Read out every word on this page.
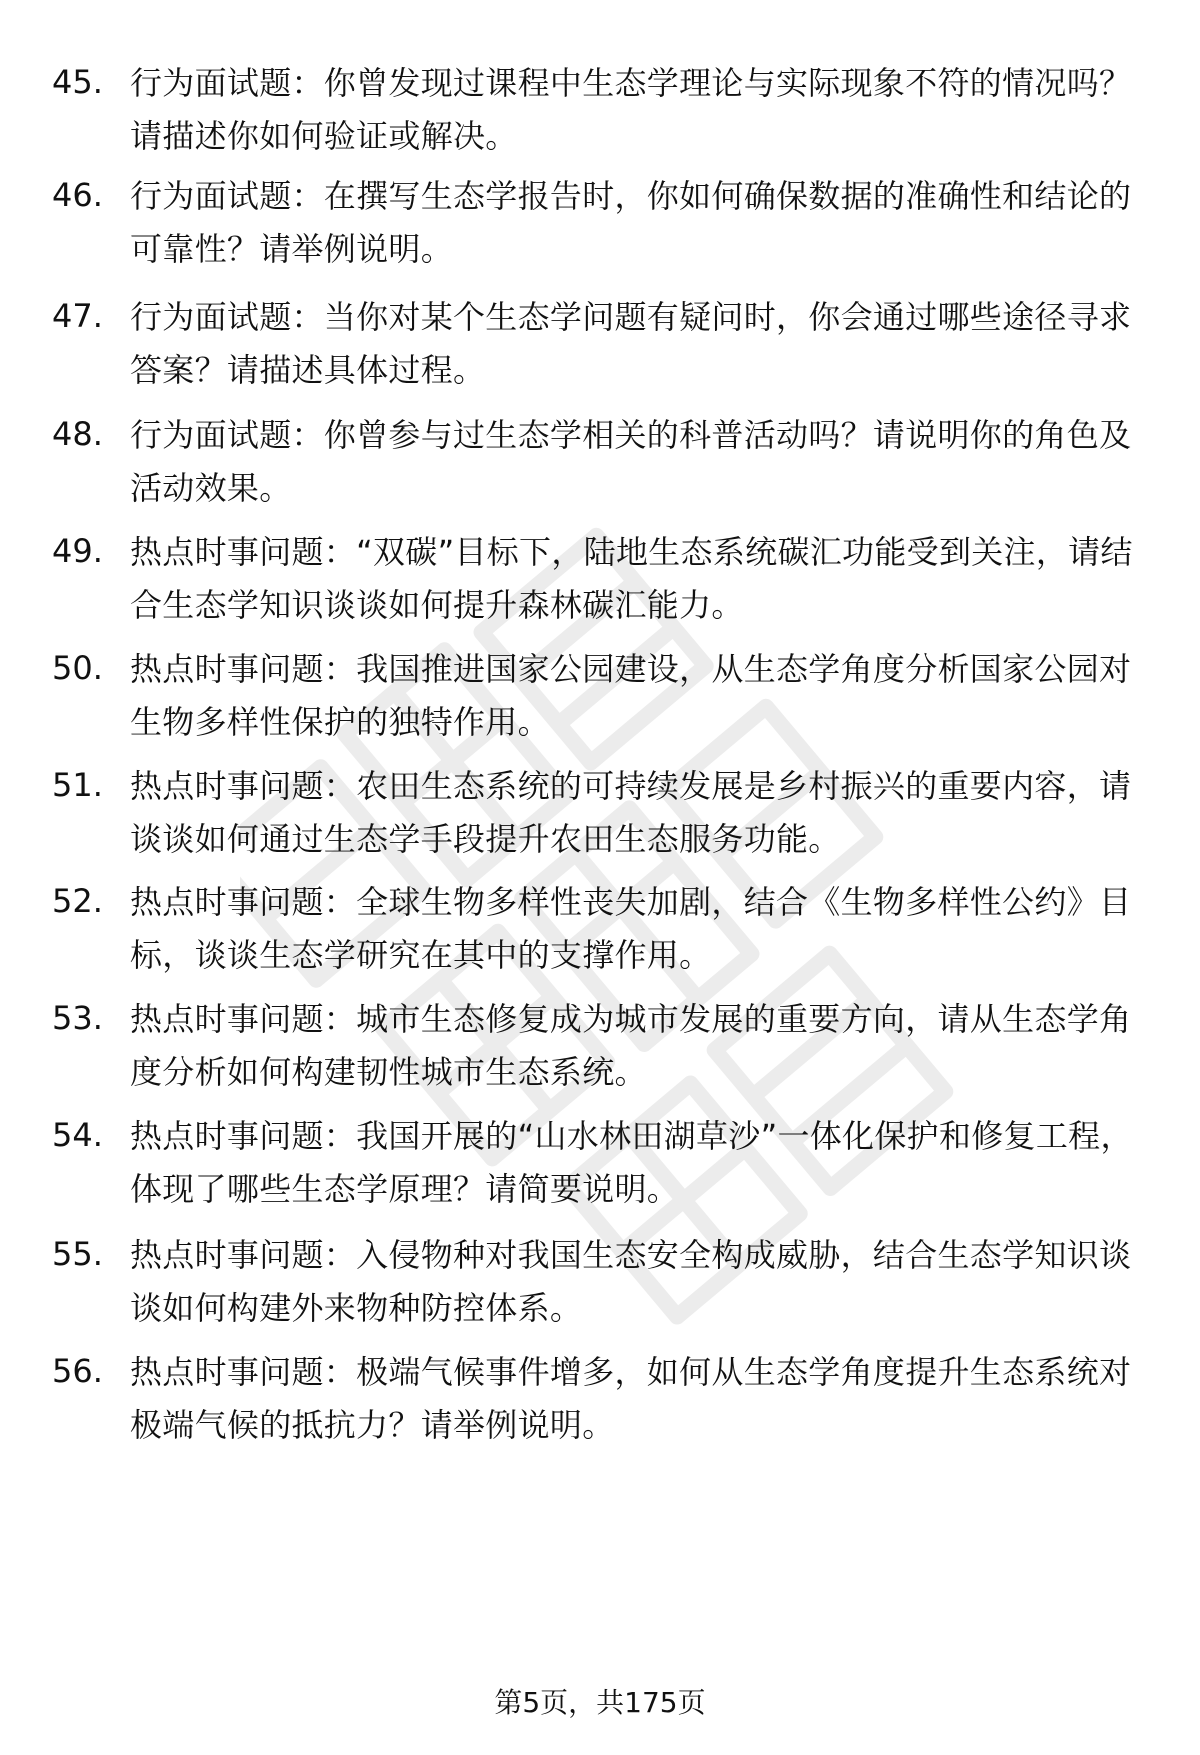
45. 行为面试题：你曾发现过课程中生态学理论与实际现象不符的情况吗？请描述你如何验证或解决。
46. 行为面试题：在撰写生态学报告时，你如何确保数据的准确性和结论的可靠性？请举例说明。
47. 行为面试题：当你对某个生态学问题有疑问时，你会通过哪些途径寻求答案？请描述具体过程。
48. 行为面试题：你曾参与过生态学相关的科普活动吗？请说明你的角色及活动效果。
49. 热点时事问题：“双碳”目标下，陆地生态系统碳汇功能受到关注，请结合生态学知识谈谈如何提升森林碳汇能力。
50. 热点时事问题：我国推进国家公园建设，从生态学角度分析国家公园对生物多样性保护的独特作用。
51. 热点时事问题：农田生态系统的可持续发展是乡村振兴的重要内容，请谈谈如何通过生态学手段提升农田生态服务功能。
52. 热点时事问题：全球生物多样性丧失加剧，结合《生物多样性公约》目标，谈谈生态学研究在其中的支撑作用。
53. 热点时事问题：城市生态修复成为城市发展的重要方向，请从生态学角度分析如何构建韧性城市生态系统。
54. 热点时事问题：我国开展的“山水林田湖草沙”一体化保护和修复工程，体现了哪些生态学原理？请简要说明。
55. 热点时事问题：入侵物种对我国生态安全构成威胁，结合生态学知识谈谈如何构建外来物种防控体系。
56. 热点时事问题：极端气候事件增多，如何从生态学角度提升生态系统对极端气候的抵抗力？请举例说明。
第5页，共175页
